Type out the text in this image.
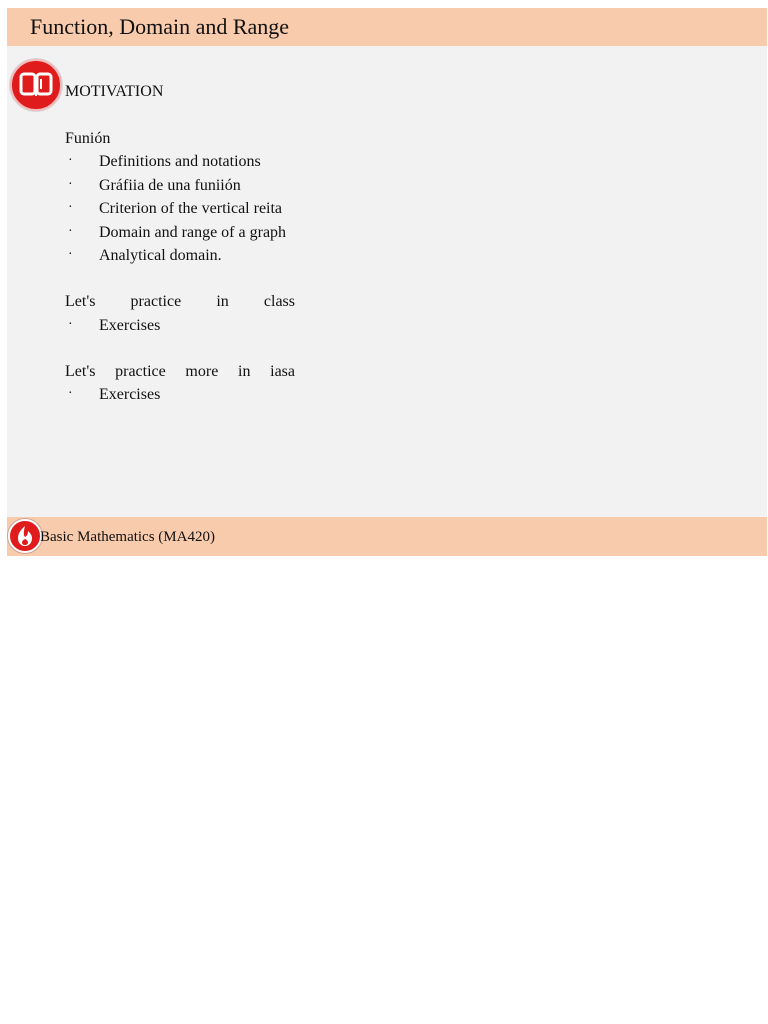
Function, Domain and Range
MOTIVATION
Funión
· Definitions and notations
· Gráfiia de una funiión
· Criterion of the vertical reita
· Domain and range of a graph
· Analytical domain.
Let's practice in class
· Exercises
Let's practice more in iasa
· Exercises
Basic Mathematics (MA420)
